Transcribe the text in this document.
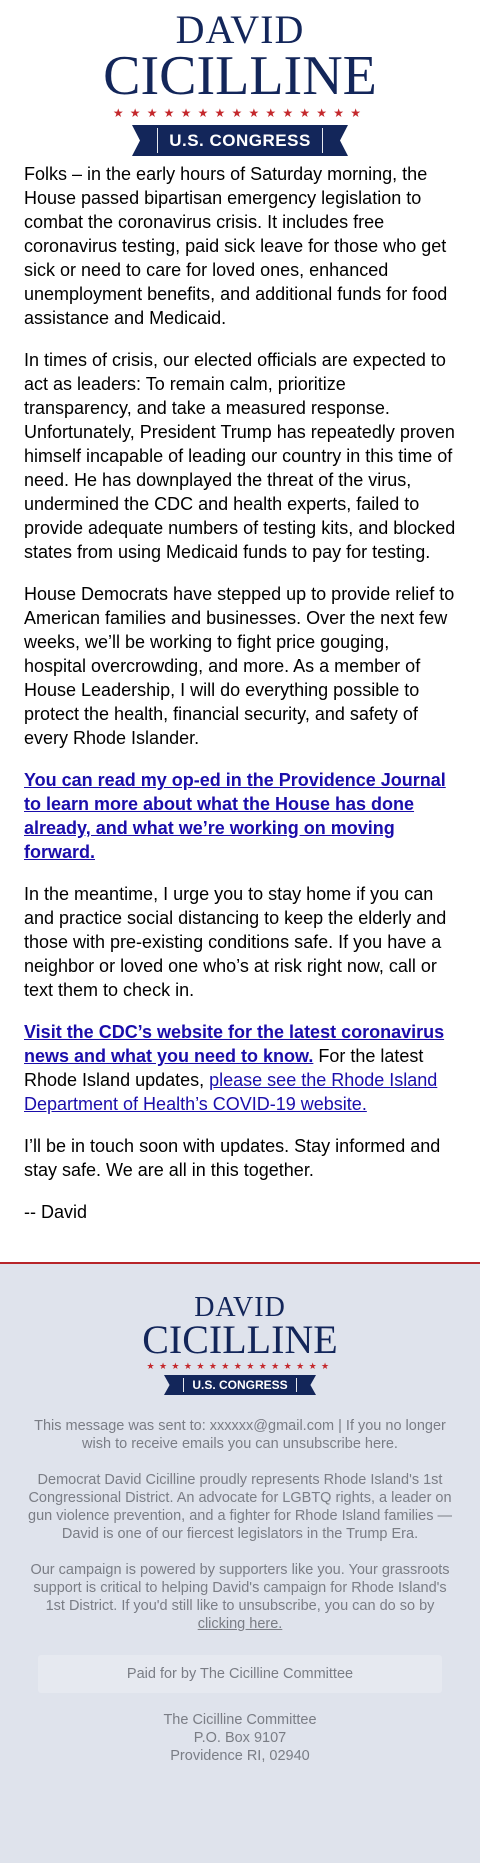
DAVID
CICILLINE
★★★★★★★★★★★★★★★
U.S. CONGRESS

Folks – in the early hours of Saturday morning, the House passed bipartisan emergency legislation to combat the coronavirus crisis. It includes free coronavirus testing, paid sick leave for those who get sick or need to care for loved ones, enhanced unemployment benefits, and additional funds for food assistance and Medicaid.

In times of crisis, our elected officials are expected to act as leaders: To remain calm, prioritize transparency, and take a measured response. Unfortunately, President Trump has repeatedly proven himself incapable of leading our country in this time of need. He has downplayed the threat of the virus, undermined the CDC and health experts, failed to provide adequate numbers of testing kits, and blocked states from using Medicaid funds to pay for testing.

House Democrats have stepped up to provide relief to American families and businesses. Over the next few weeks, we’ll be working to fight price gouging, hospital overcrowding, and more. As a member of House Leadership, I will do everything possible to protect the health, financial security, and safety of every Rhode Islander.

You can read my op-ed in the Providence Journal to learn more about what the House has done already, and what we’re working on moving forward.

In the meantime, I urge you to stay home if you can and practice social distancing to keep the elderly and those with pre-existing conditions safe. If you have a neighbor or loved one who’s at risk right now, call or text them to check in.

Visit the CDC’s website for the latest coronavirus news and what you need to know. For the latest Rhode Island updates, please see the Rhode Island Department of Health’s COVID-19 website.

I’ll be in touch soon with updates. Stay informed and stay safe. We are all in this together.

-- David

DAVID
CICILLINE
★★★★★★★★★★★★★★★
U.S. CONGRESS

This message was sent to: xxxxxx@gmail.com | If you no longer wish to receive emails you can unsubscribe here.

Democrat David Cicilline proudly represents Rhode Island's 1st Congressional District. An advocate for LGBTQ rights, a leader on gun violence prevention, and a fighter for Rhode Island families — David is one of our fiercest legislators in the Trump Era.

Our campaign is powered by supporters like you. Your grassroots support is critical to helping David's campaign for Rhode Island's 1st District. If you'd still like to unsubscribe, you can do so by clicking here.

Paid for by The Cicilline Committee
The Cicilline Committee
P.O. Box 9107
Providence RI, 02940
